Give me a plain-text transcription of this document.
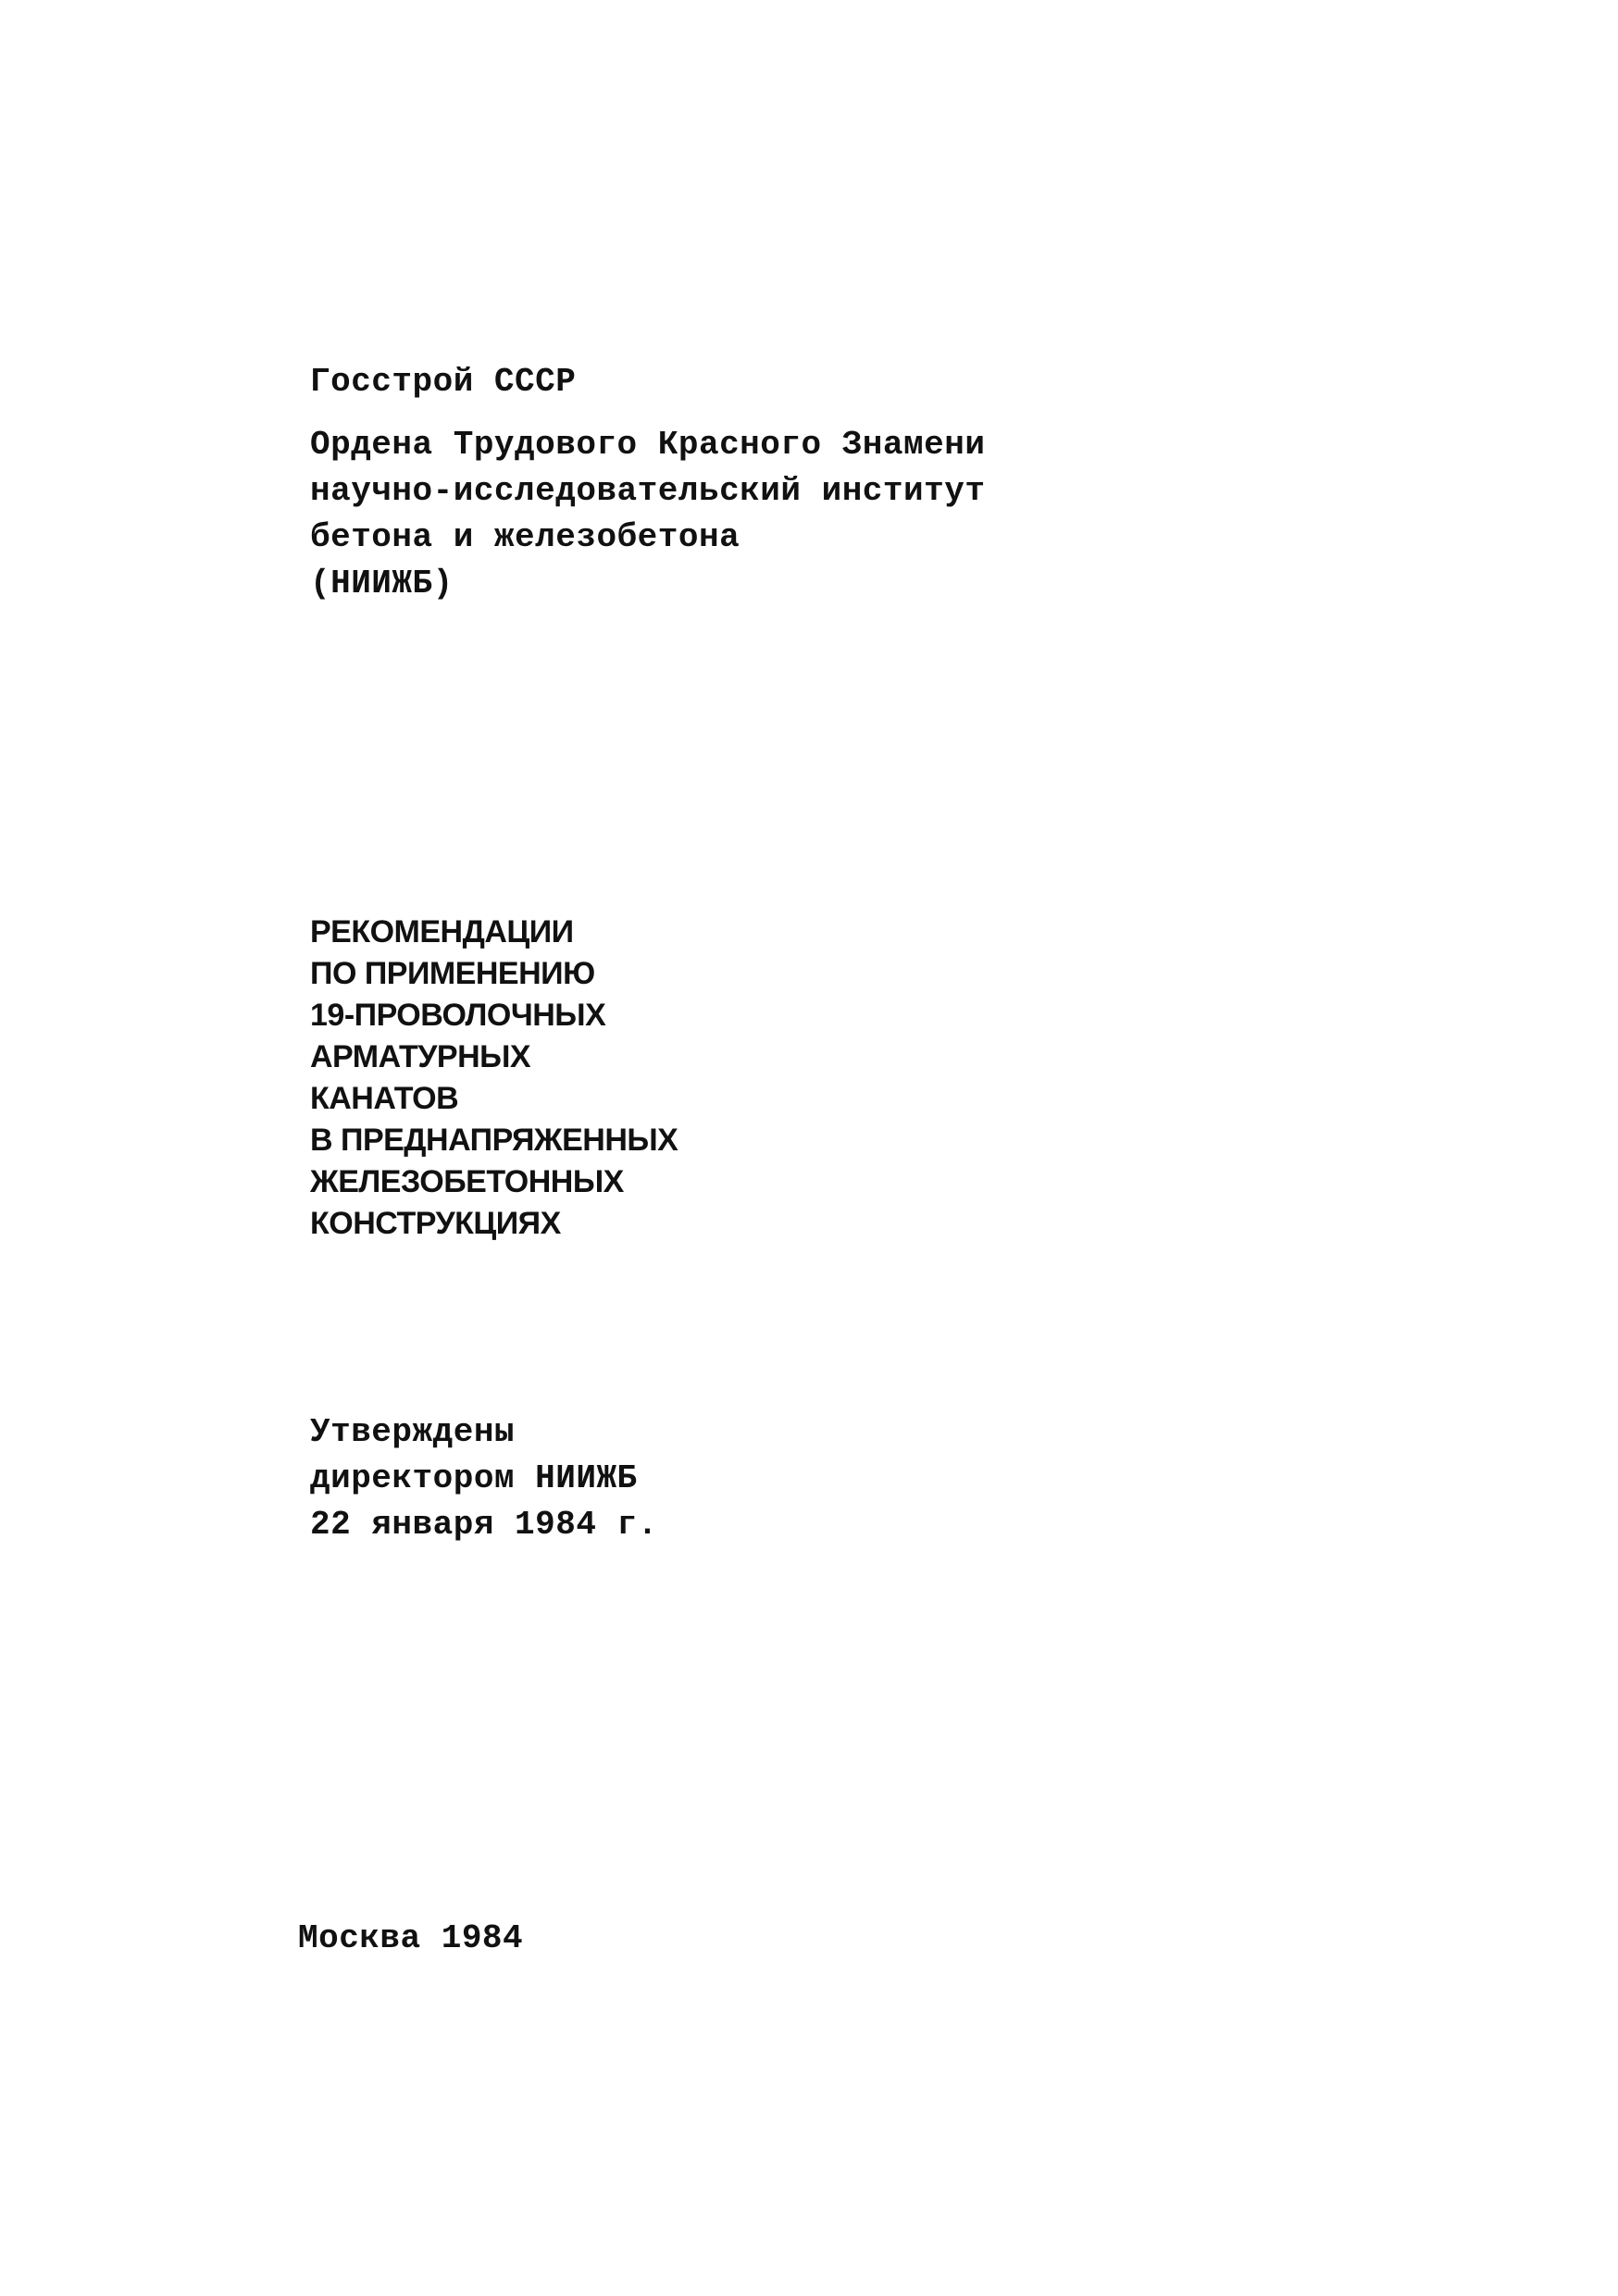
Госстрой СССР
Ордена Трудового Красного Знамени
научно-исследовательский институт
бетона и железобетона
(НИИЖБ)
РЕКОМЕНДАЦИИ
ПО ПРИМЕНЕНИЮ
19-ПРОВОЛОЧНЫХ
АРМАТУРНЫХ
КАНАТОВ
В ПРЕДНАПРЯЖЕННЫХ
ЖЕЛЕЗОБЕТОННЫХ
КОНСТРУКЦИЯХ
Утверждены
директором НИИЖБ
22 января 1984 г.
Москва 1984
